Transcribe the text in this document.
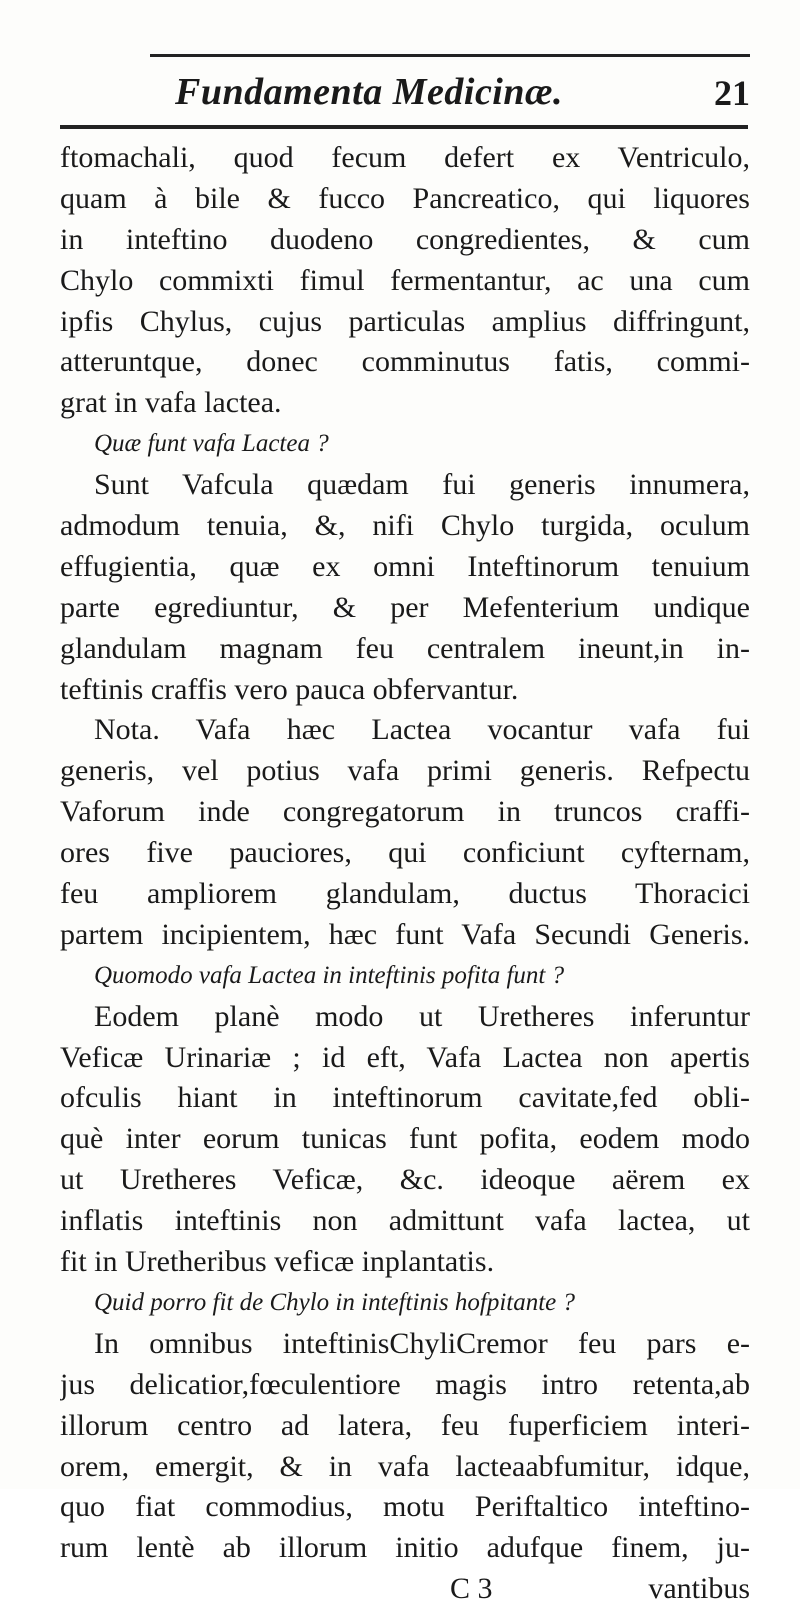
Fundamenta Medicinæ.	21
ftomachali, quod fecum defert ex Ventriculo,
quam à bile & fucco Pancreatico, qui liquores
in inteftino duodeno congredientes, & cum
Chylo commixti fimul fermentantur, ac una cum
ipfis Chylus, cujus particulas amplius diffringunt,
atteruntque, donec comminutus fatis, commi-
grat in vafa lactea.
Quæ funt vafa Lactea ?
Sunt Vafcula quædam fui generis innumera,
admodum tenuia, &, nifi Chylo turgida, oculum
effugientia, quæ ex omni Inteftinorum tenuium
parte egrediuntur, & per Mefenterium undique
glandulam magnam feu centralem ineunt,in in-
teftinis craffis vero pauca obfervantur.
Nota. Vafa hæc Lactea vocantur vafa fui
generis, vel potius vafa primi generis. Refpectu
Vaforum inde congregatorum in truncos craffi-
ores five pauciores, qui conficiunt cyfternam,
feu ampliorem glandulam, ductus Thoracici
partem incipientem, hæc funt Vafa Secundi Generis.
Quomodo vafa Lactea in inteftinis pofita funt ?
Eodem planè modo ut Uretheres inferuntur
Veficæ Urinariæ ; id eft, Vafa Lactea non apertis
ofculis hiant in inteftinorum cavitate,fed obli-
què inter eorum tunicas funt pofita, eodem modo
ut Uretheres Veficæ, &c. ideoque aërem ex
inflatis inteftinis non admittunt vafa lactea, ut
fit in Uretheribus veficæ inplantatis.
Quid porro fit de Chylo in inteftinis hofpitante ?
In omnibus inteftinisChyliCremor feu pars e-
jus delicatior,fœculentiore magis intro retenta,ab
illorum centro ad latera, feu fuperficiem interi-
orem, emergit, & in vafa lacteaabfumitur, idque,
quo fiat commodius, motu Periftaltico inteftino-
rum lentè ab illorum initio adufque finem, ju-
C 3	vantibus
